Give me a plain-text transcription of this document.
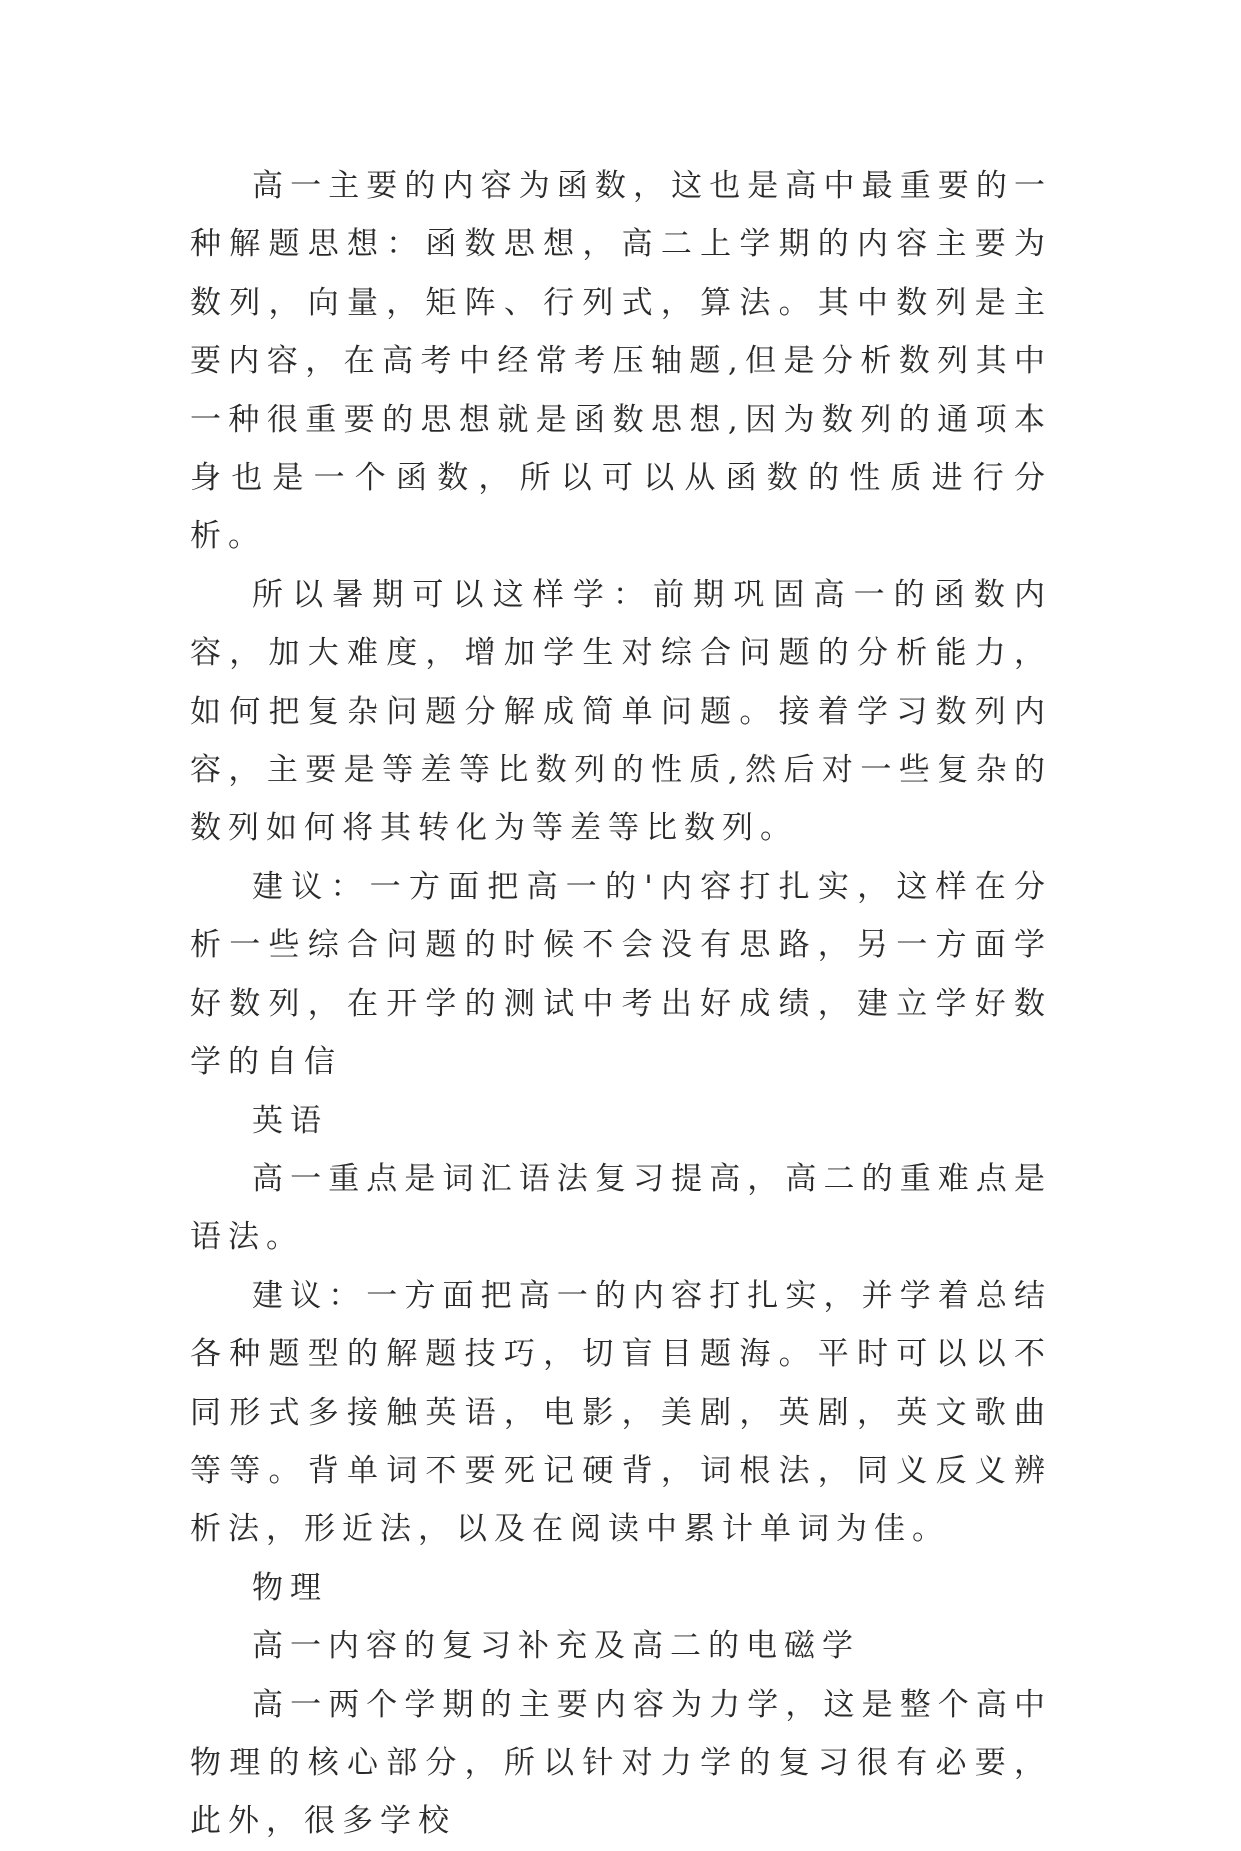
高一主要的内容为函数，这也是高中最重要的一种解题思想：函数思想，高二上学期的内容主要为数列，向量，矩阵、行列式，算法。其中数列是主要内容，在高考中经常考压轴题,但是分析数列其中一种很重要的思想就是函数思想,因为数列的通项本身也是一个函数，所以可以从函数的性质进行分析。

所以暑期可以这样学：前期巩固高一的函数内容，加大难度，增加学生对综合问题的分析能力，如何把复杂问题分解成简单问题。接着学习数列内容，主要是等差等比数列的性质,然后对一些复杂的数列如何将其转化为等差等比数列。

建议：一方面把高一的'内容打扎实，这样在分析一些综合问题的时候不会没有思路，另一方面学好数列，在开学的测试中考出好成绩，建立学好数学的自信

英语

高一重点是词汇语法复习提高，高二的重难点是语法。

建议：一方面把高一的内容打扎实，并学着总结各种题型的解题技巧，切盲目题海。平时可以以不同形式多接触英语，电影，美剧，英剧，英文歌曲等等。背单词不要死记硬背，词根法，同义反义辨析法，形近法，以及在阅读中累计单词为佳。

物理

高一内容的复习补充及高二的电磁学

高一两个学期的主要内容为力学，这是整个高中物理的核心部分，所以针对力学的复习很有必要，此外，很多学校
